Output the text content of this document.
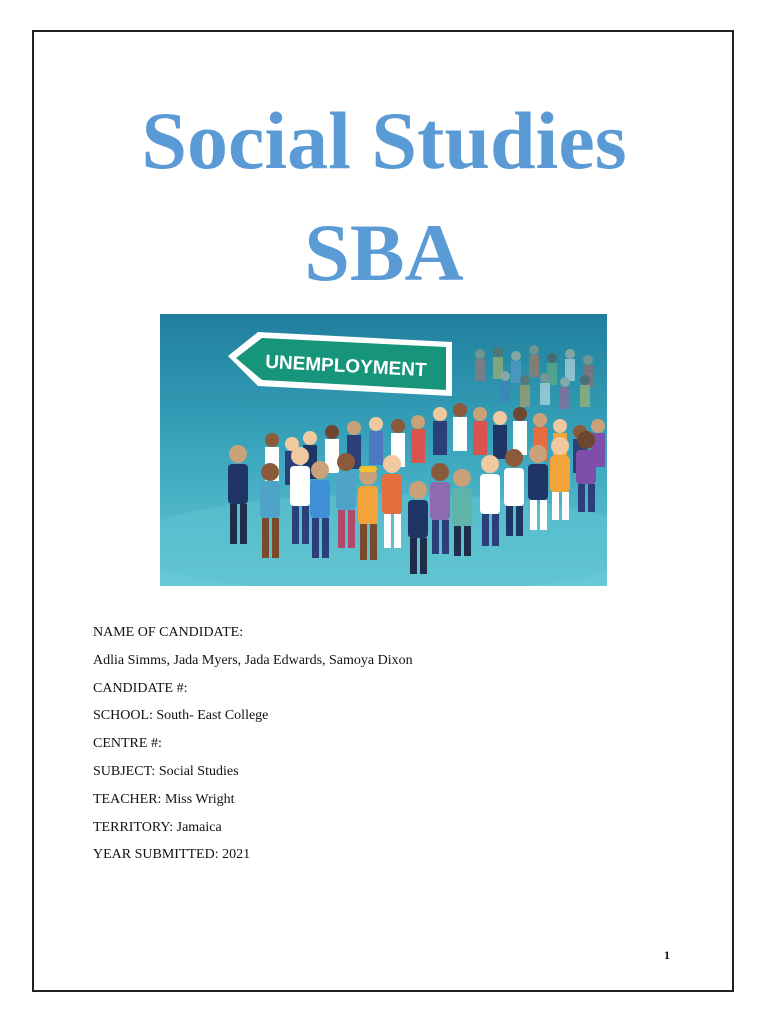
Social Studies
SBA
UNEMPLOYMENT
NAME OF CANDIDATE:
Adlia Simms, Jada Myers, Jada Edwards, Samoya Dixon
CANDIDATE #:
SCHOOL: South- East College
CENTRE #:
SUBJECT: Social Studies
TEACHER: Miss Wright
TERRITORY: Jamaica
YEAR SUBMITTED: 2021
1
